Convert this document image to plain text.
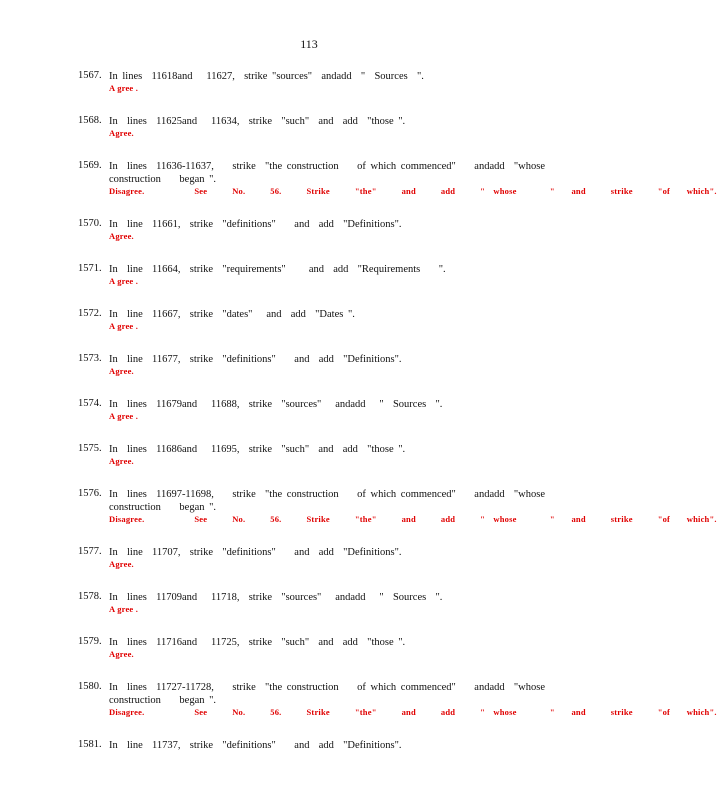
113
1567. In lines  11618and   11627,  strike "sources"  andadd  "  Sources  ".
A gree .
1568. In  lines  11625and   11634,  strike  "such"  and  add  "those ".
Agree.
1569. In  lines  11636-11637,    strike  "the construction    of which commenced"    andadd  "whose
construction    began ".
Disagree.      See   No.   56.   Strike   "the"   and   add   " whose    "  and   strike   "of  which".
1570. In  line  11661,  strike  "definitions"    and  add  "Definitions".
Agree.
1571. In  line  11664,  strike  "requirements"     and  add  "Requirements    ".
A gree .
1572. In  line  11667,  strike  "dates"   and  add  "Dates ".
A gree .
1573. In  line  11677,  strike  "definitions"    and  add  "Definitions".
Agree.
1574. In  lines  11679and   11688,  strike  "sources"   andadd   "  Sources  ".
A gree .
1575. In  lines  11686and   11695,  strike  "such"  and  add  "those ".
Agree.
1576. In  lines  11697-11698,    strike  "the construction    of which commenced"    andadd  "whose
construction    began ".
Disagree.      See   No.   56.   Strike   "the"   and   add   " whose    "  and   strike   "of  which".
1577. In  line  11707,  strike  "definitions"    and  add  "Definitions".
Agree.
1578. In  lines  11709and   11718,  strike  "sources"   andadd   "  Sources  ".
A gree .
1579. In  lines  11716and   11725,  strike  "such"  and  add  "those ".
Agree.
1580. In  lines  11727-11728,    strike  "the construction    of which commenced"    andadd  "whose
construction    began ".
Disagree.      See   No.   56.   Strike   "the"   and   add   " whose    "  and   strike   "of  which".
1581. In  line  11737,  strike  "definitions"    and  add  "Definitions".
